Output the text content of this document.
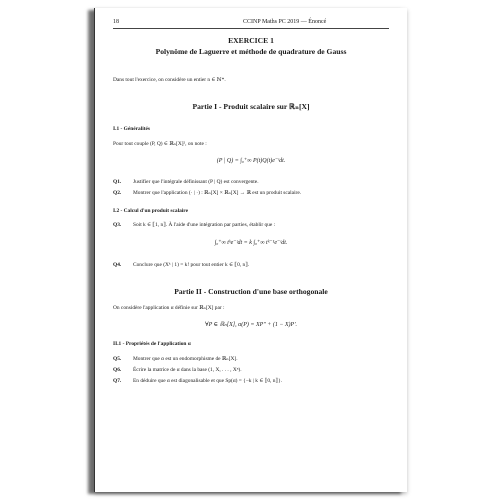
18	CCINP Maths PC 2019 — Énoncé
EXERCICE 1
Polynôme de Laguerre et méthode de quadrature de Gauss
Dans tout l'exercice, on considère un entier n ∈ ℕ*.
Partie I - Produit scalaire sur ℝₙ[X]
I.1 - Généralités
Pour tout couple (P, Q) ∈ ℝₙ[X]², on note :
(P | Q) = ∫₀⁺∞ P(t)Q(t)e⁻ᵗdt.
Q1. Justifier que l'intégrale définissant (P | Q) est convergente.
Q2. Montrer que l'application (· | ·) : ℝₙ[X] × ℝₙ[X] → ℝ est un produit scalaire.
I.2 - Calcul d'un produit scalaire
Q3. Soit k ∈ ⟦1, n⟧. À l'aide d'une intégration par parties, établir que :
∫₀⁺∞ tᵏe⁻ᵗdt = k ∫₀⁺∞ tᵏ⁻¹e⁻ᵗdt.
Q4. Conclure que (Xᵏ | 1) = k! pour tout entier k ∈ ⟦0, n⟧.
Partie II - Construction d'une base orthogonale
On considère l'application α définie sur ℝₙ[X] par :
∀P ∈ ℝₙ[X], α(P) = XP″ + (1 − X)P′.
II.1 - Propriétés de l'application α
Q5. Montrer que α est un endomorphisme de ℝₙ[X].
Q6. Écrire la matrice de α dans la base (1, X, . . . , Xⁿ).
Q7. En déduire que α est diagonalisable et que Sp(α) = {−k | k ∈ ⟦0, n⟧}.
